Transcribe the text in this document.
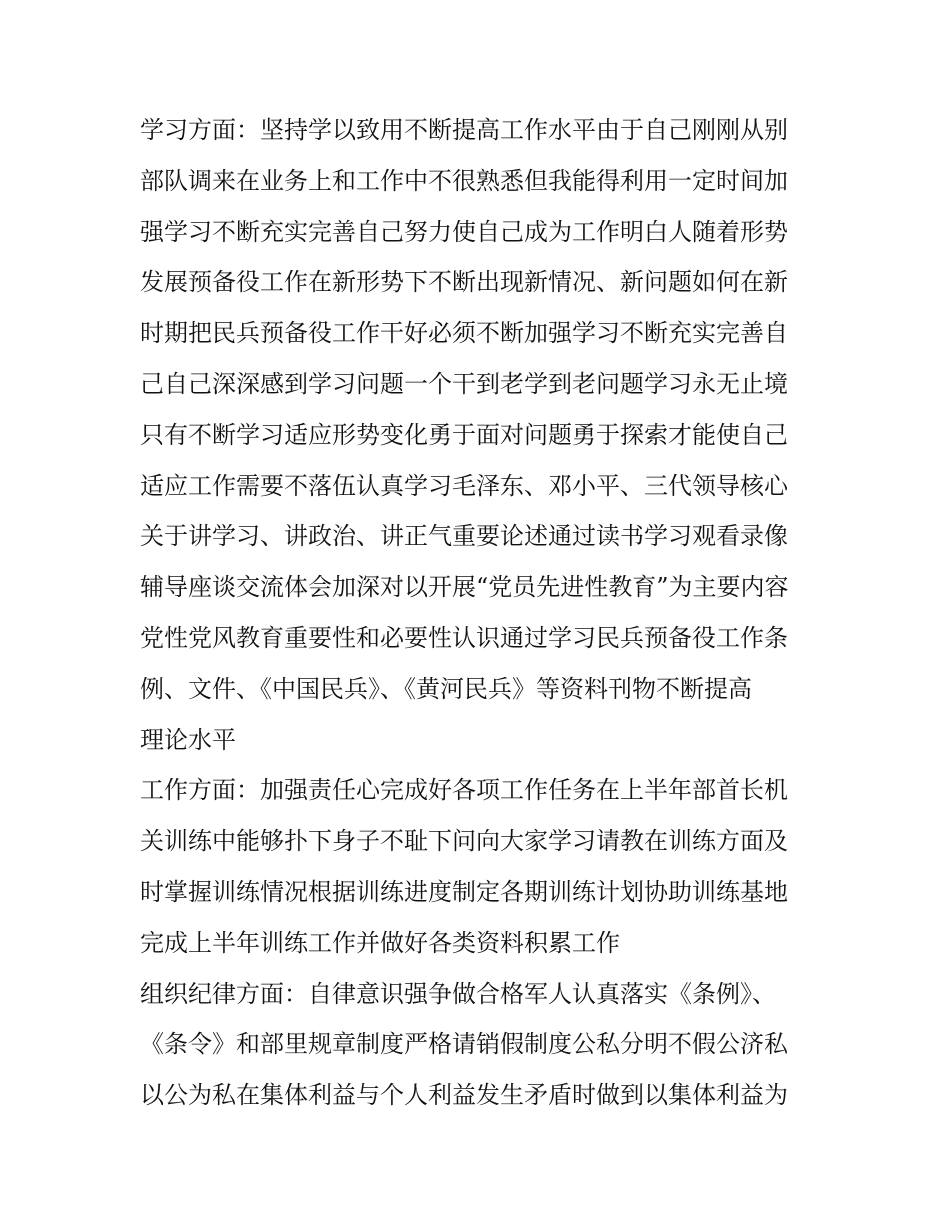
学习方面：坚持学以致用不断提高工作水平由于自己刚刚从别
部队调来在业务上和工作中不很熟悉但我能得利用一定时间加
强学习不断充实完善自己努力使自己成为工作明白人随着形势
发展预备役工作在新形势下不断出现新情况、新问题如何在新
时期把民兵预备役工作干好必须不断加强学习不断充实完善自
己自己深深感到学习问题一个干到老学到老问题学习永无止境
只有不断学习适应形势变化勇于面对问题勇于探索才能使自己
适应工作需要不落伍认真学习毛泽东、邓小平、三代领导核心
关于讲学习、讲政治、讲正气重要论述通过读书学习观看录像
辅导座谈交流体会加深对以开展“党员先进性教育”为主要内容
党性党风教育重要性和必要性认识通过学习民兵预备役工作条
例、文件、《中国民兵》、《黄河民兵》等资料刊物不断提高
理论水平
工作方面：加强责任心完成好各项工作任务在上半年部首长机
关训练中能够扑下身子不耻下问向大家学习请教在训练方面及
时掌握训练情况根据训练进度制定各期训练计划协助训练基地
完成上半年训练工作并做好各类资料积累工作
组织纪律方面：自律意识强争做合格军人认真落实《条例》、
《条令》和部里规章制度严格请销假制度公私分明不假公济私
以公为私在集体利益与个人利益发生矛盾时做到以集体利益为
